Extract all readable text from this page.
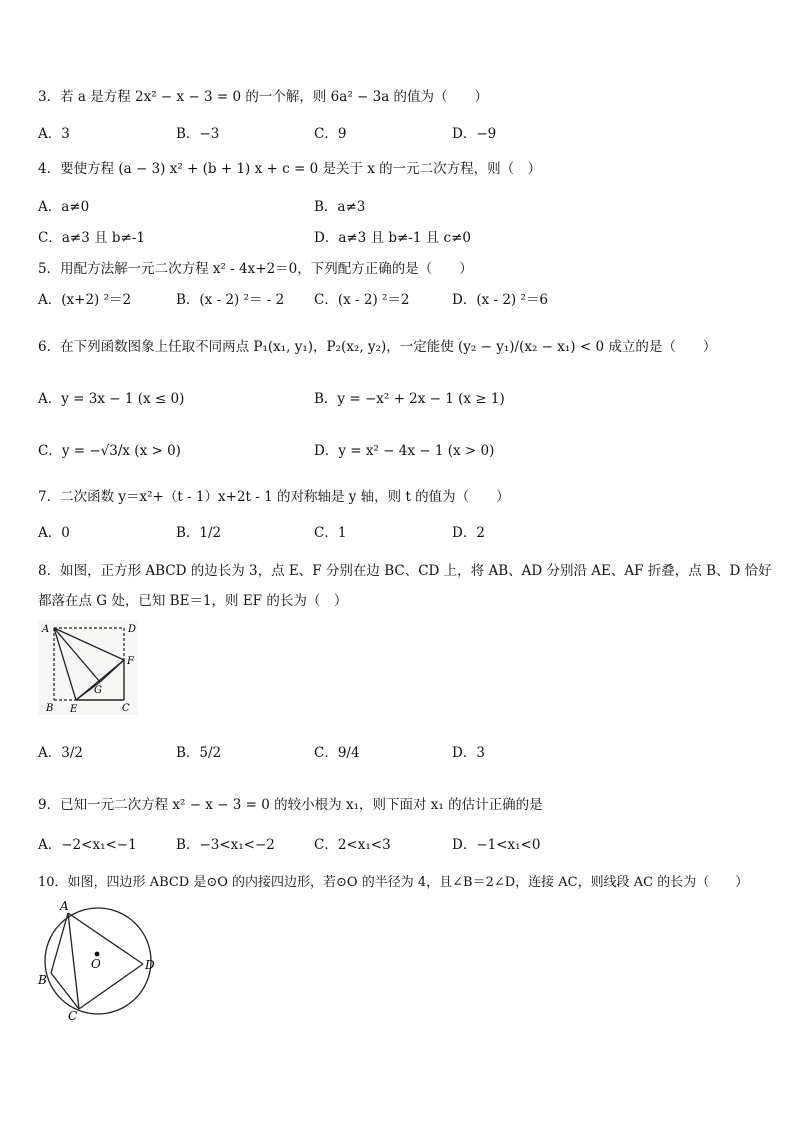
3．若 a 是方程 2x² − x − 3 = 0 的一个解，则 6a² − 3a 的值为（　　）
A．3	B．−3	C．9	D．−9
4．要使方程 (a − 3) x² + (b + 1) x + c = 0 是关于 x 的一元二次方程，则（　）
A．a≠0	B．a≠3
C．a≠3 且 b≠-1	D．a≠3 且 b≠-1 且 c≠0
5．用配方法解一元二次方程 x² - 4x+2＝0，下列配方正确的是（　　）
A．(x+2) ²＝2	B．(x - 2) ²＝ - 2 C．(x - 2) ²＝2	D．(x - 2) ²＝6
6．在下列函数图象上任取不同两点 P₁(x₁, y₁)，P₂(x₂, y₂)，一定能使 (y₂ − y₁)/(x₂ − x₁) < 0 成立的是（　　）
A．y = 3x − 1 (x ≤ 0)	B．y = −x² + 2x − 1 (x ≥ 1)
C．y = −√3/x (x > 0)	D．y = x² − 4x − 1 (x > 0)
7．二次函数 y＝x²+（t - 1）x+2t - 1 的对称轴是 y 轴，则 t 的值为（　　）
A．0	B．1/2	C．1	D．2
8．如图，正方形 ABCD 的边长为 3，点 E、F 分别在边 BC、CD 上，将 AB、AD 分别沿 AE、AF 折叠，点 B、D 恰好
都落在点 G 处，已知 BE＝1，则 EF 的长为（　）
A	D
F
G
B E	C
A．3/2	B．5/2	C．9/4	D．3
9．已知一元二次方程 x² − x − 3 = 0 的较小根为 x₁，则下面对 x₁ 的估计正确的是
A．−2<x₁<−1	B．−3<x₁<−2	C．2<x₁<3	D．−1<x₁<0
10．如图，四边形 ABCD 是⊙O 的内接四边形，若⊙O 的半径为 4，且∠B＝2∠D，连接 AC，则线段 AC 的长为（　　）
A
B
C
D
O
